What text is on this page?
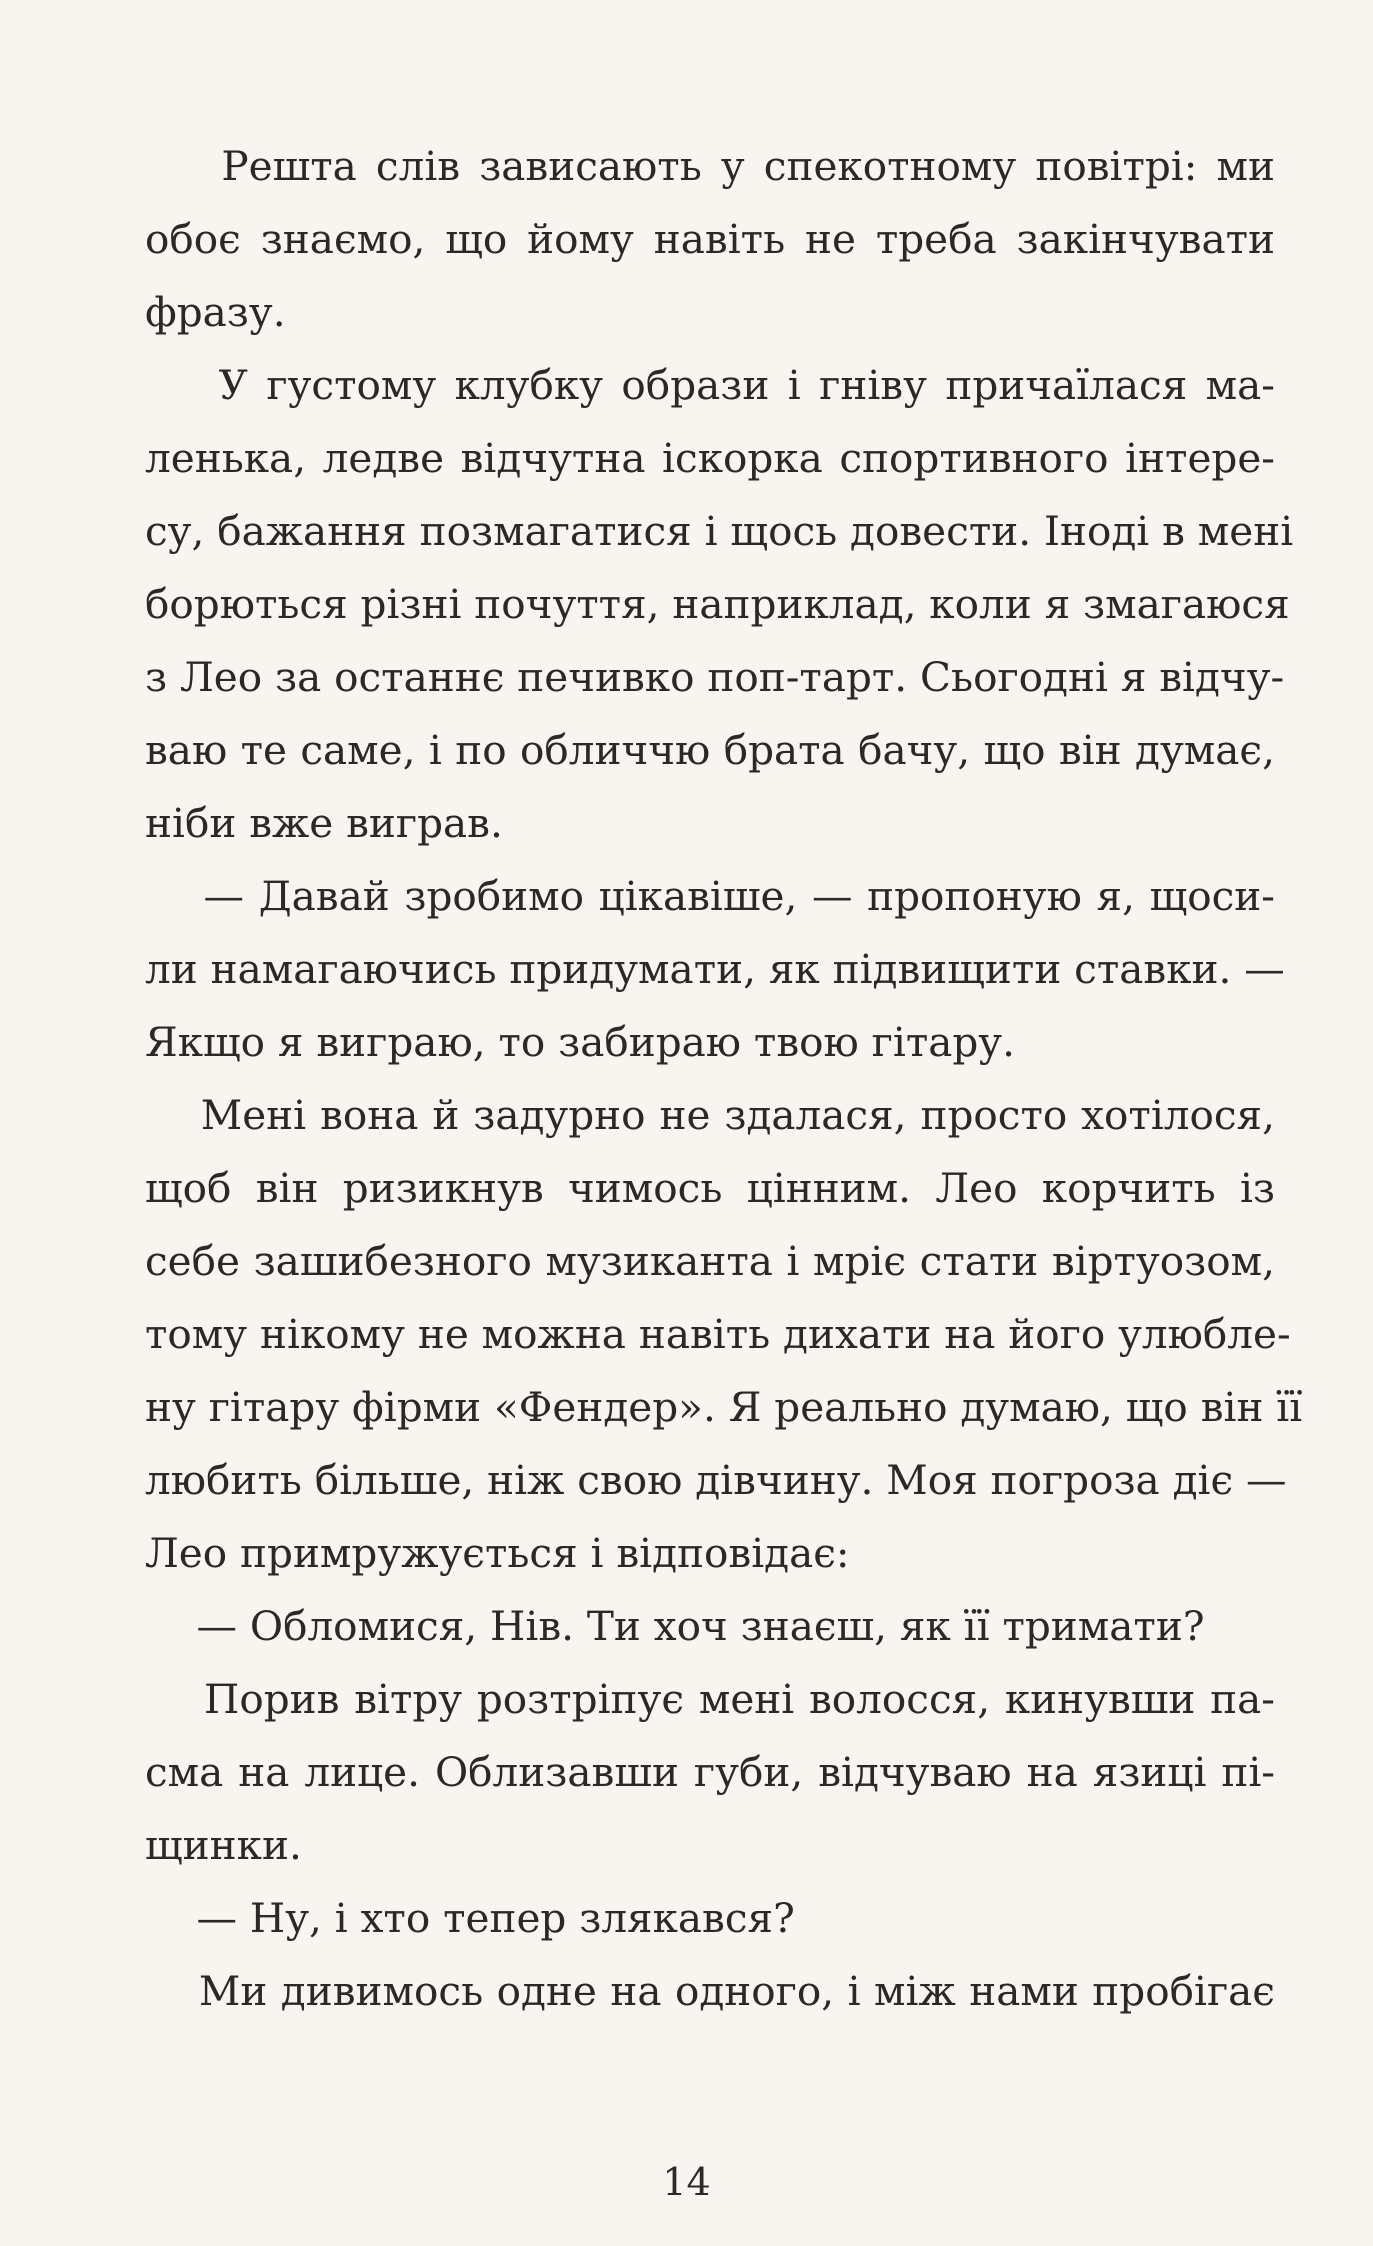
Решта слів зависають у спекотному повітрі: ми
обоє знаємо, що йому навіть не треба закінчувати
фразу.
У густому клубку образи і гніву причаїлася ма-
ленька, ледве відчутна іскорка спортивного інтере-
су, бажання позмагатися і щось довести. Іноді в мені
борються різні почуття, наприклад, коли я змагаюся
з Лео за останнє печивко поп-тарт. Сьогодні я відчу-
ваю те саме, і по обличчю брата бачу, що він думає,
ніби вже виграв.
— Давай зробимо цікавіше, — пропоную я, щоси-
ли намагаючись придумати, як підвищити ставки. —
Якщо я виграю, то забираю твою гітару.
Мені вона й задурно не здалася, просто хотілося,
щоб він ризикнув чимось цінним. Лео корчить із
себе зашибезного музиканта і мріє стати віртуозом,
тому нікому не можна навіть дихати на його улюбле-
ну гітару фірми «Фендер». Я реально думаю, що він її
любить більше, ніж свою дівчину. Моя погроза діє —
Лео примружується і відповідає:
— Обломися, Нів. Ти хоч знаєш, як її тримати?
Порив вітру розтріпує мені волосся, кинувши па-
сма на лице. Облизавши губи, відчуваю на язиці пі-
щинки.
— Ну, і хто тепер злякався?
Ми дивимось одне на одного, і між нами пробігає
14
